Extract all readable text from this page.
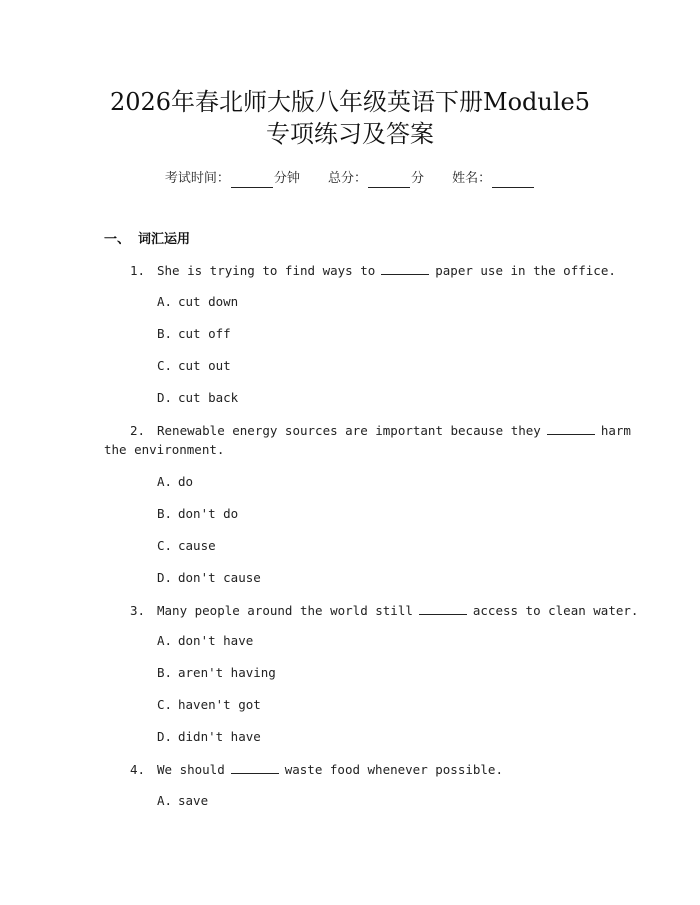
2026年春北师大版八年级英语下册Module5
专项练习及答案
考试时间：	分钟 总分：	分 姓名：
一、 词汇运用
1. She is trying to find ways to	paper use in the office.
A. cut down
B. cut off
C. cut out
D. cut back
2. Renewable energy sources are important because they	harm
the environment.
A. do
B. don't do
C. cause
D. don't cause
3. Many people around the world still	access to clean water.
A. don't have
B. aren't having
C. haven't got
D. didn't have
4. We should	waste food whenever possible.
A. save
